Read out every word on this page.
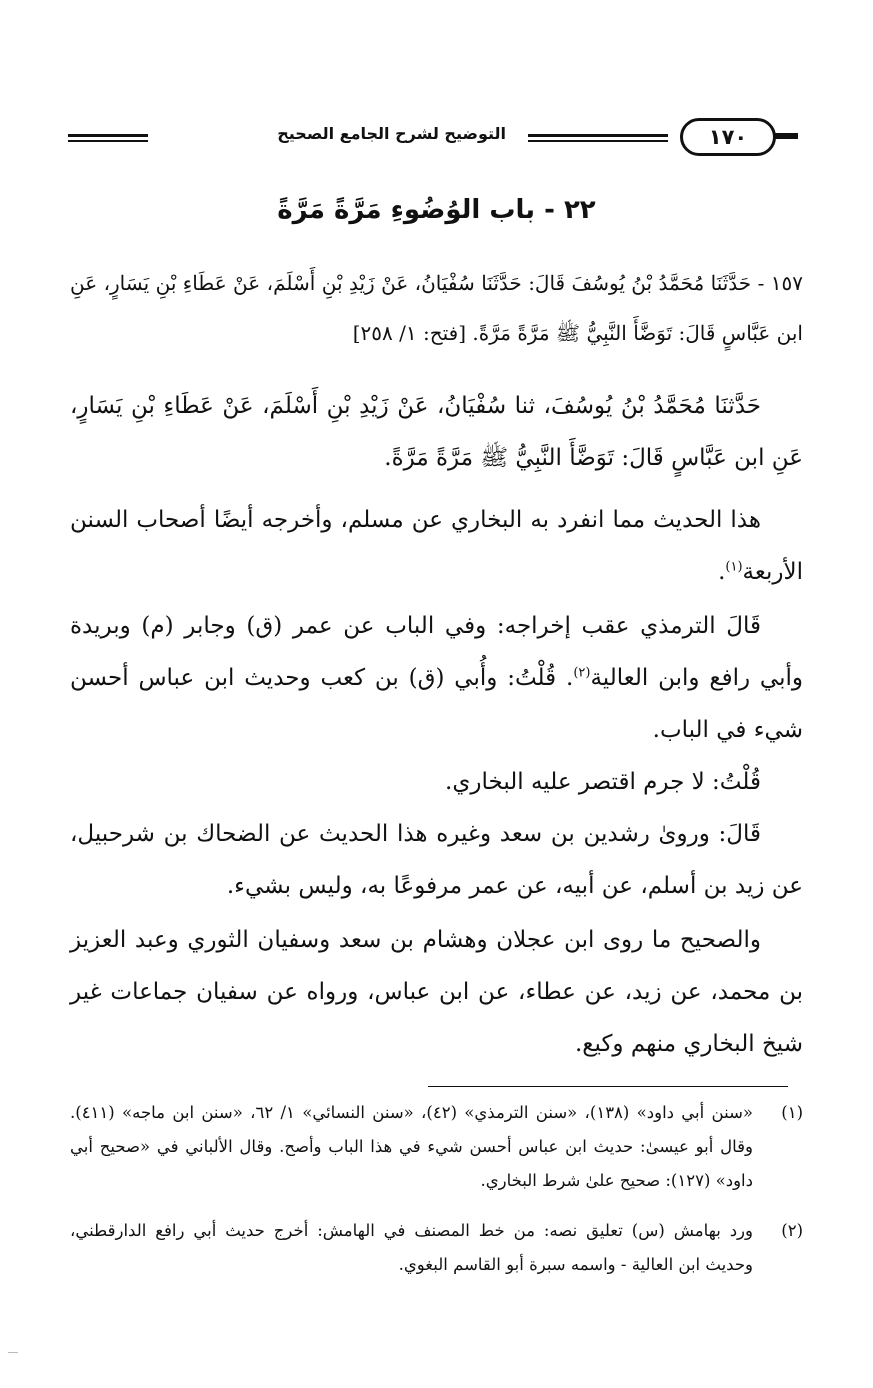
التوضيح لشرح الجامع الصحيح	١٧٠
٢٢ - باب الوُضُوءِ مَرَّةً مَرَّةً

١٥٧ - حَدَّثَنَا مُحَمَّدُ بْنُ يُوسُفَ قَالَ: حَدَّثَنَا سُفْيَانُ، عَنْ زَيْدِ بْنِ أَسْلَمَ، عَنْ عَطَاءِ بْنِ يَسَارٍ، عَنِ ابن عَبَّاسٍ قَالَ: تَوَضَّأَ النَّبِيُّ ﷺ مَرَّةً مَرَّةً. [فتح: ١/ ٢٥٨]

حَدَّثنَا مُحَمَّدُ بْنُ يُوسُفَ، ثنا سُفْيَانُ، عَنْ زَيْدِ بْنِ أَسْلَمَ، عَنْ عَطَاءِ بْنِ يَسَارٍ، عَنِ ابن عَبَّاسٍ قَالَ: تَوَضَّأَ النَّبِيُّ ﷺ مَرَّةً مَرَّةً.

هذا الحديث مما انفرد به البخاري عن مسلم، وأخرجه أيضًا أصحاب السنن الأربعة$^{(١)}$.

قَالَ الترمذي عقب إخراجه: وفي الباب عن عمر (ق) وجابر (م) وبريدة وأبي رافع وابن العالية$^{(٢)}$. قُلْتُ: وأُبي (ق) بن كعب وحديث ابن عباس أحسن شيء في الباب.

قُلْتُ: لا جرم اقتصر عليه البخاري.

قَالَ: وروىٰ رشدين بن سعد وغيره هذا الحديث عن الضحاك بن شرحبيل، عن زيد بن أسلم، عن أبيه، عن عمر مرفوعًا به، وليس بشيء.

والصحيح ما روى ابن عجلان وهشام بن سعد وسفيان الثوري وعبد العزيز بن محمد، عن زيد، عن عطاء، عن ابن عباس، ورواه عن سفيان جماعات غير شيخ البخاري منهم وكيع.

(١)
«سنن أبي داود» (١٣٨)، «سنن الترمذي» (٤٢)، «سنن النسائي» ١/ ٦٢، «سنن ابن ماجه» (٤١١). وقال أبو عيسىٰ: حديث ابن عباس أحسن شيء في هذا الباب وأصح. وقال الألباني في «صحيح أبي داود» (١٢٧): صحيح علىٰ شرط البخاري.
(٢)
ورد بهامش (س) تعليق نصه: من خط المصنف في الهامش: أخرج حديث أبي رافع الدارقطني، وحديث ابن العالية - واسمه سبرة أبو القاسم البغوي.
